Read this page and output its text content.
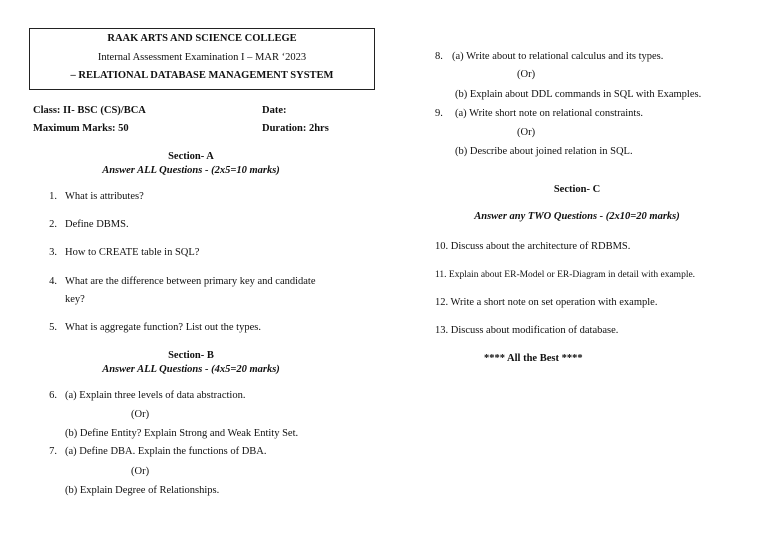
RAAK ARTS AND SCIENCE COLLEGE
Internal Assessment Examination I – MAR ‘2023
– RELATIONAL DATABASE MANAGEMENT SYSTEM
Class: II- BSC (CS)/BCA	Date:
Maximum Marks: 50	Duration: 2hrs
Section- A
Answer ALL Questions - (2x5=10 marks)
1. What is attributes?
2. Define DBMS.
3. How to CREATE table in SQL?
4. What are the difference between primary key and candidate
key?
5. What is aggregate function? List out the types.
Section- B
Answer ALL Questions - (4x5=20 marks)
6. (a) Explain three levels of data abstraction.
(Or)
(b) Define Entity? Explain Strong and Weak Entity Set.
7. (a) Define DBA. Explain the functions of DBA.
(Or)
(b) Explain Degree of Relationships.
8. (a) Write about to relational calculus and its types.
(Or)
(b) Explain about DDL commands in SQL with Examples.
9. (a) Write short note on relational constraints.
(Or)
(b) Describe about joined relation in SQL.
Section- C
Answer any TWO Questions - (2x10=20 marks)
10. Discuss about the architecture of RDBMS.
11. Explain about ER-Model or ER-Diagram in detail with example.
12. Write a short note on set operation with example.
13. Discuss about modification of database.
**** All the Best ****
